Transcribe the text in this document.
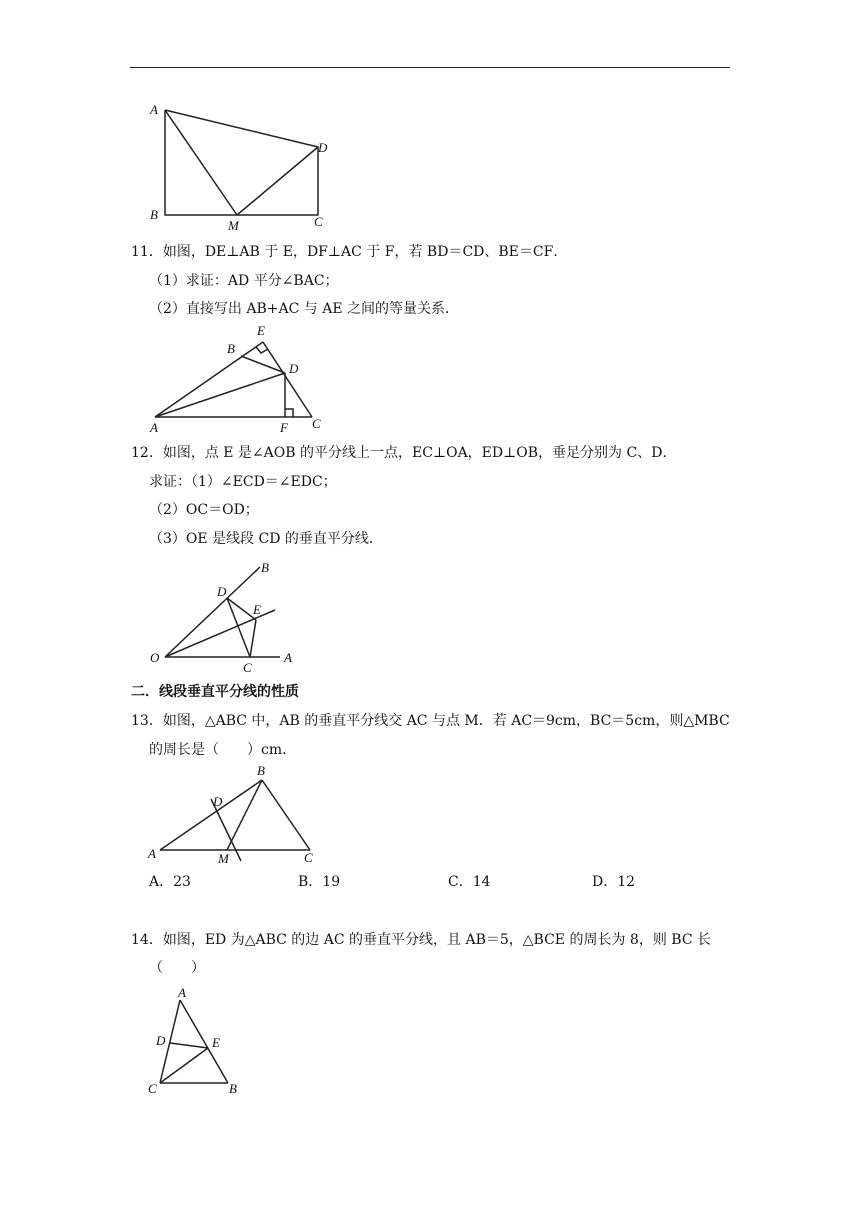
A
B
M	C
D
11．如图，DE⊥AB 于 E，DF⊥AC 于 F，若 BD＝CD、BE＝CF．
（1）求证：AD 平分∠BAC；
（2）直接写出 AB+AC 与 AE 之间的等量关系．
E
B
D
A	F C
12．如图，点 E 是∠AOB 的平分线上一点，EC⊥OA，ED⊥OB，垂足分别为 C、D．
求证：（1）∠ECD＝∠EDC；
（2）OC＝OD；
（3）OE 是线段 CD 的垂直平分线．
O
C
A
D
E
B
二．线段垂直平分线的性质
13．如图，△ABC 中，AB 的垂直平分线交 AC 与点 M．若 AC＝9cm，BC＝5cm，则△MBC
的周长是（　　）cm．
B
D
A	M	C
A．23	B．19	C．14	D．12
14．如图，ED 为△ABC 的边 AC 的垂直平分线，且 AB＝5，△BCE 的周长为 8，则 BC 长
（　　）
A
D	E
C	B
